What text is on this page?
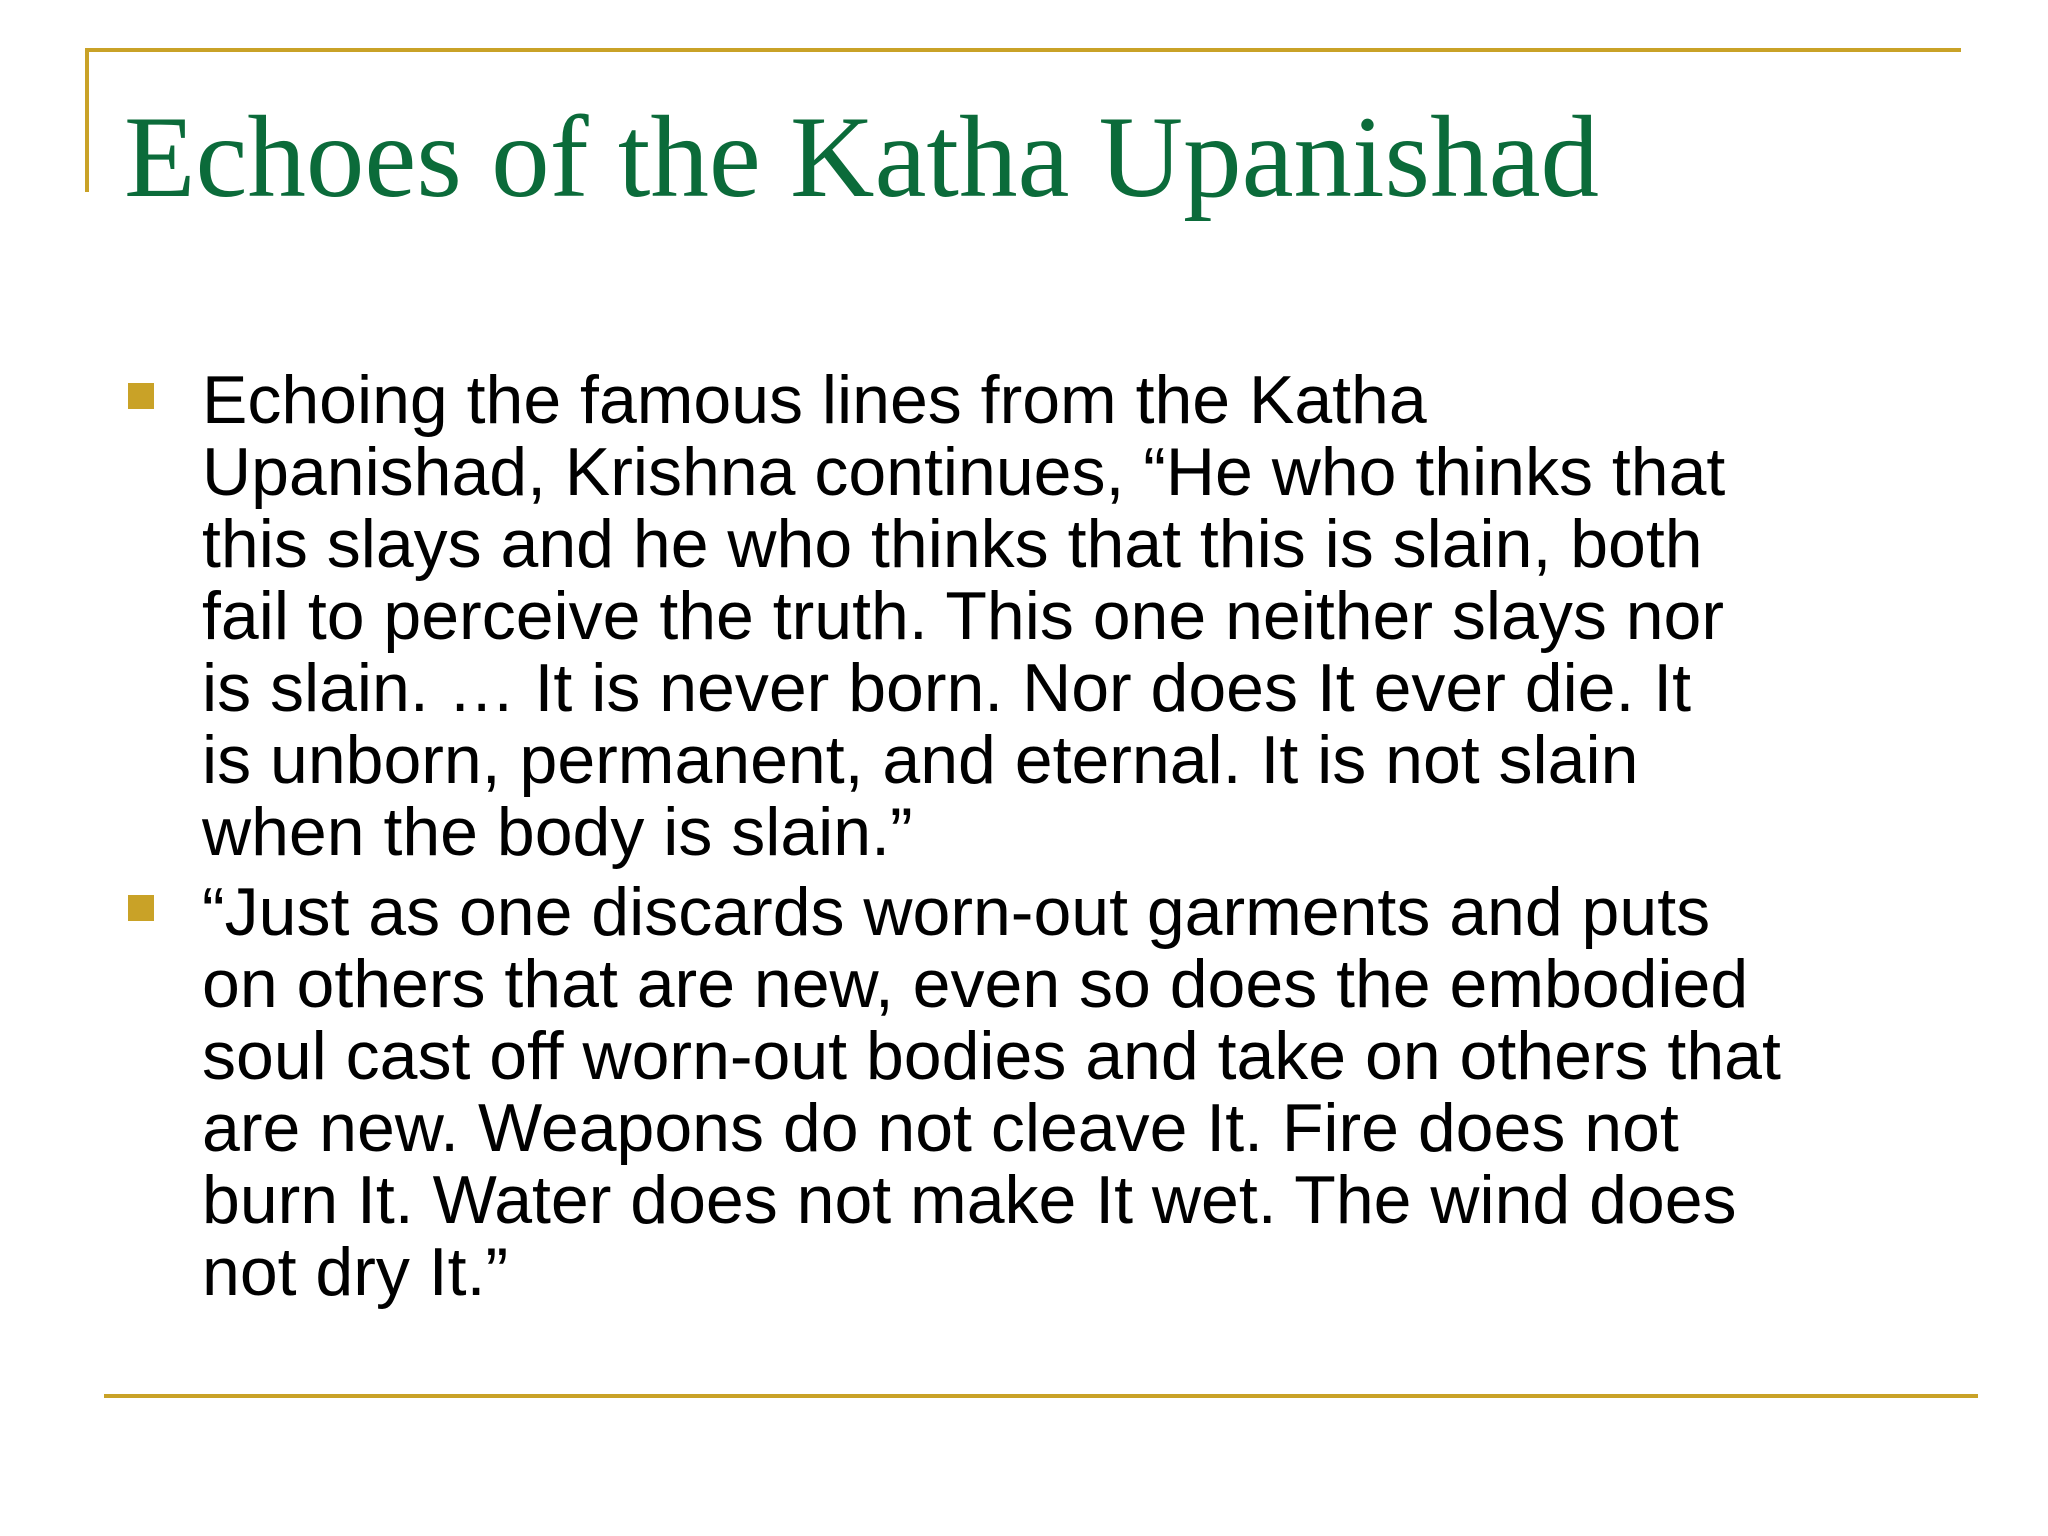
Echoes of the Katha Upanishad
Echoing the famous lines from the Katha
Upanishad, Krishna continues, “He who thinks that
this slays and he who thinks that this is slain, both
fail to perceive the truth. This one neither slays nor
is slain. … It is never born. Nor does It ever die. It
is unborn, permanent, and eternal. It is not slain
when the body is slain.”
“Just as one discards worn-out garments and puts
on others that are new, even so does the embodied
soul cast off worn-out bodies and take on others that
are new. Weapons do not cleave It. Fire does not
burn It. Water does not make It wet. The wind does
not dry It.”
